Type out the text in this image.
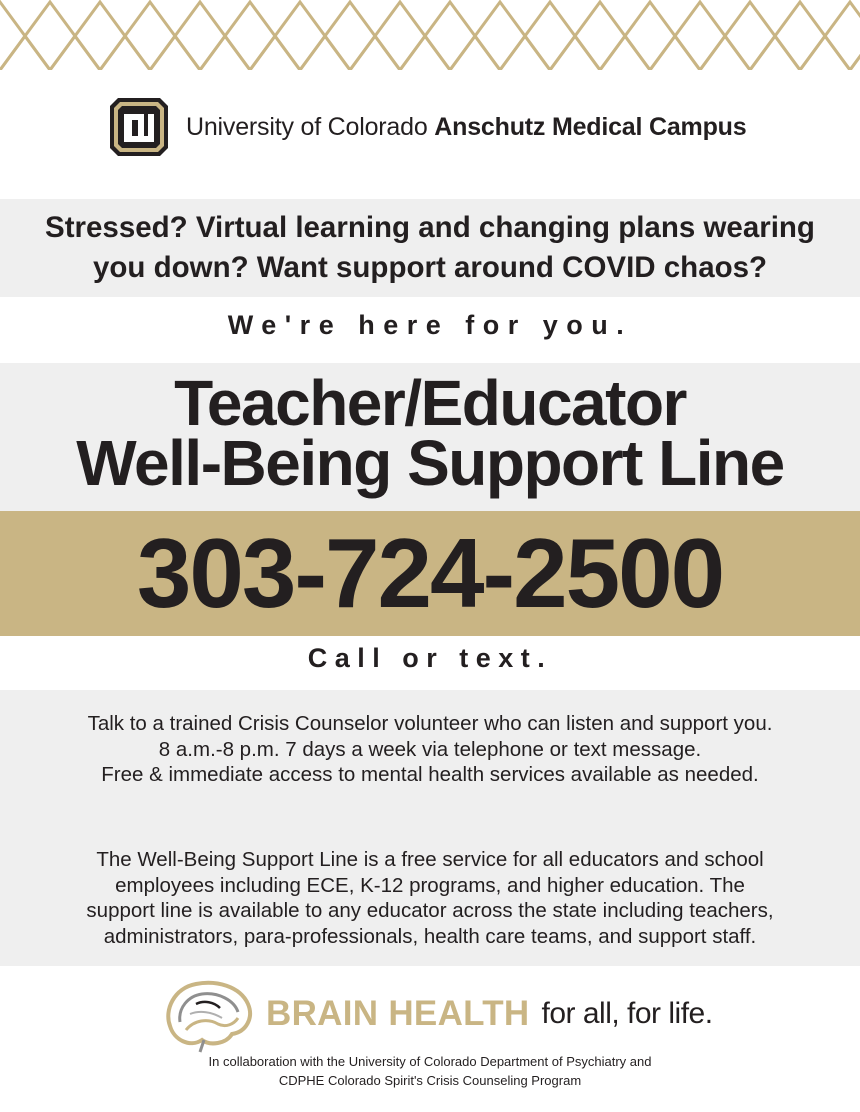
University of Colorado Anschutz Medical Campus
Stressed? Virtual learning and changing plans wearing
you down? Want support around COVID chaos?
We're here for you.
Teacher/Educator
Well-Being Support Line
303-724-2500
Call or text.
Talk to a trained Crisis Counselor volunteer who can listen and support you.
8 a.m.-8 p.m. 7 days a week via telephone or text message.
Free & immediate access to mental health services available as needed.
The Well-Being Support Line is a free service for all educators and school
employees including ECE, K-12 programs, and higher education. The
support line is available to any educator across the state including teachers,
administrators, para-professionals, health care teams, and support staff.
BRAIN HEALTH for all, for life.
In collaboration with the University of Colorado Department of Psychiatry and
CDPHE Colorado Spirit's Crisis Counseling Program
